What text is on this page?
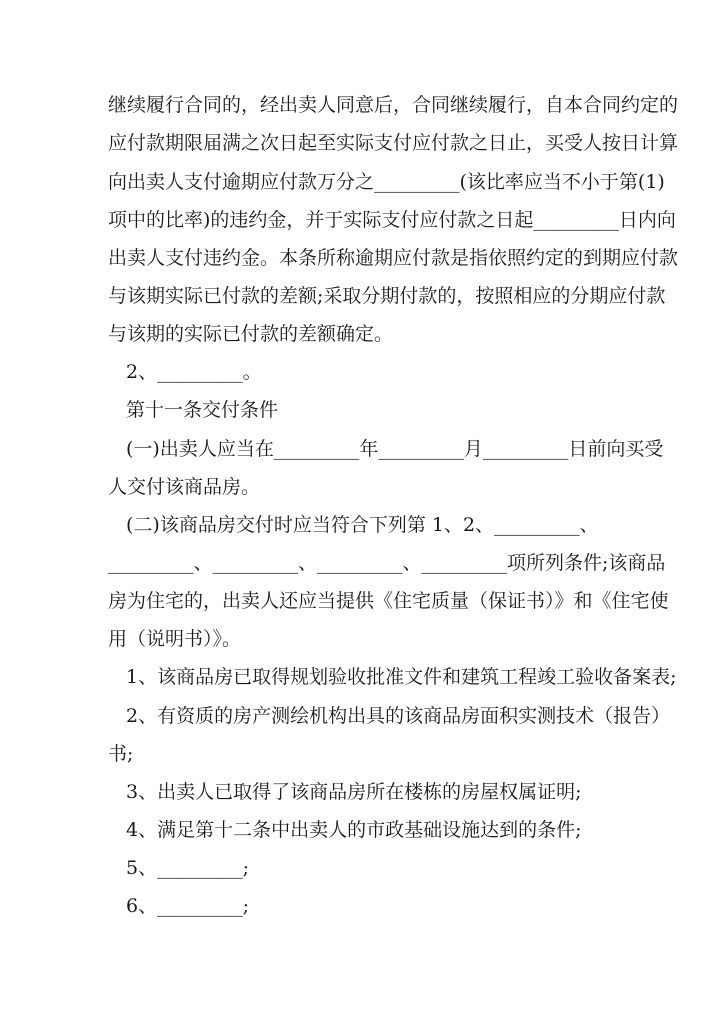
继续履行合同的，经出卖人同意后，合同继续履行，自本合同约定的
应付款期限届满之次日起至实际支付应付款之日止，买受人按日计算
向出卖人支付逾期应付款万分之_________(该比率应当不小于第(1)
项中的比率)的违约金，并于实际支付应付款之日起_________日内向
出卖人支付违约金。本条所称逾期应付款是指依照约定的到期应付款
与该期实际已付款的差额;采取分期付款的，按照相应的分期应付款
与该期的实际已付款的差额确定。
2、_________。
第十一条交付条件
(一)出卖人应当在_________年_________月_________日前向买受
人交付该商品房。
(二)该商品房交付时应当符合下列第 1、2、_________、
_________、_________、_________、_________项所列条件;该商品
房为住宅的，出卖人还应当提供《住宅质量（保证书）》和《住宅使
用（说明书）》。
1、该商品房已取得规划验收批准文件和建筑工程竣工验收备案表;
2、有资质的房产测绘机构出具的该商品房面积实测技术（报告）
书;
3、出卖人已取得了该商品房所在楼栋的房屋权属证明;
4、满足第十二条中出卖人的市政基础设施达到的条件;
5、_________;
6、_________;
